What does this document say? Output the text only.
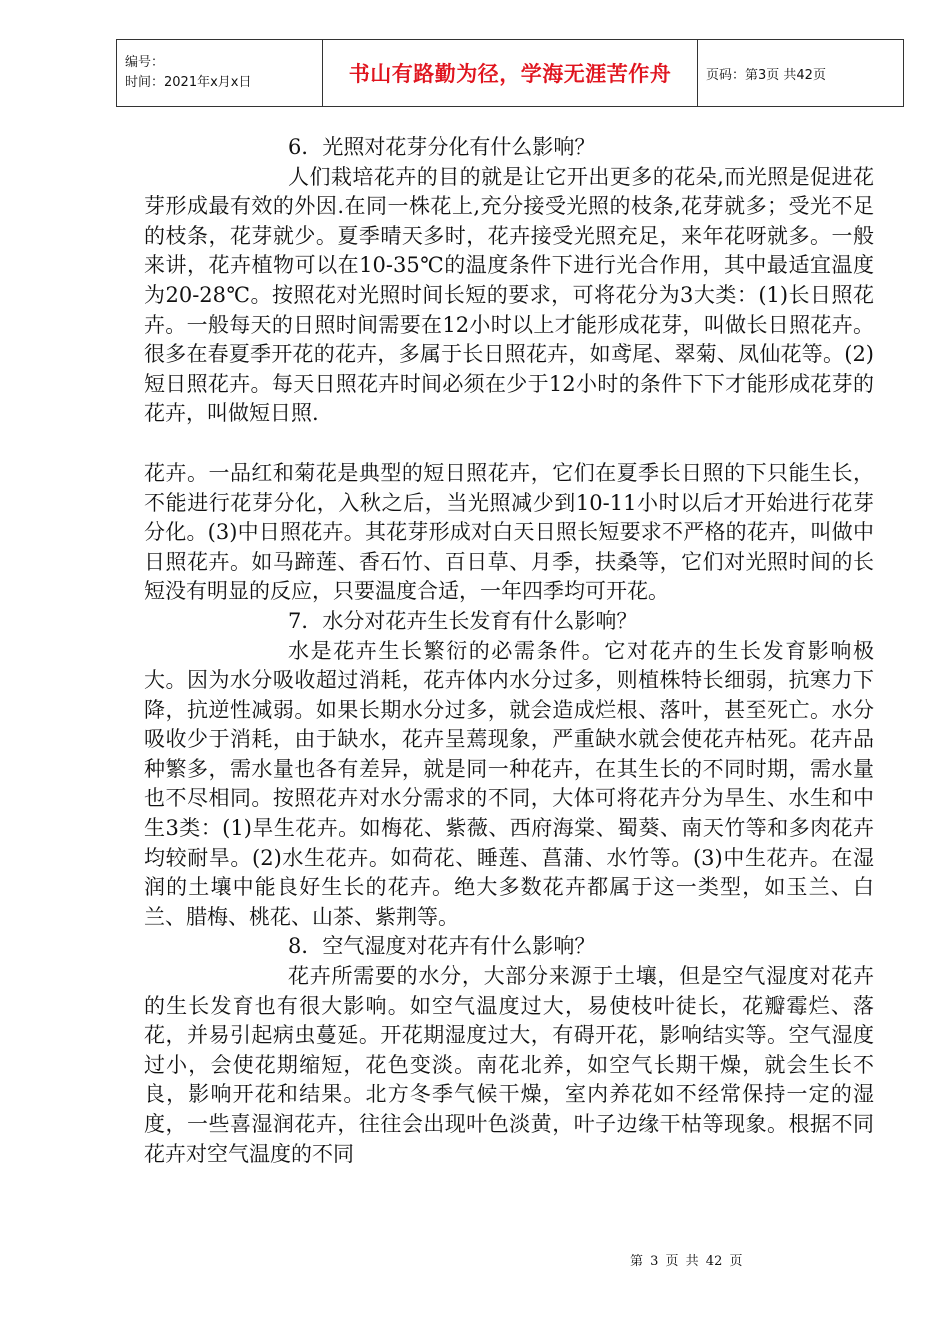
编号：
时间：2021年x月x日	书山有路勤为径，学海无涯苦作舟	页码：第3页 共42页

6．光照对花芽分化有什么影响？

人们栽培花卉的目的就是让它开出更多的花朵,而光照是促进花芽形成最有效的外因.在同一株花上,充分接受光照的枝条,花芽就多；受光不足的枝条，花芽就少。夏季晴天多时，花卉接受光照充足，来年花呀就多。一般来讲，花卉植物可以在10-35℃的温度条件下进行光合作用，其中最适宜温度为20-28℃。按照花对光照时间长短的要求，可将花分为3大类：(1)长日照花卉。一般每天的日照时间需要在12小时以上才能形成花芽，叫做长日照花卉。很多在春夏季开花的花卉，多属于长日照花卉，如鸢尾、翠菊、凤仙花等。(2)短日照花卉。每天日照花卉时间必须在少于12小时的条件下下才能形成花芽的花卉，叫做短日照.

花卉。一品红和菊花是典型的短日照花卉，它们在夏季长日照的下只能生长，不能进行花芽分化，入秋之后，当光照减少到10-11小时以后才开始进行花芽分化。(3)中日照花卉。其花芽形成对白天日照长短要求不严格的花卉，叫做中日照花卉。如马蹄莲、香石竹、百日草、月季，扶桑等，它们对光照时间的长短没有明显的反应，只要温度合适，一年四季均可开花。

7．水分对花卉生长发育有什么影响？

水是花卉生长繁衍的必需条件。它对花卉的生长发育影响极大。因为水分吸收超过消耗，花卉体内水分过多，则植株特长细弱，抗寒力下降，抗逆性减弱。如果长期水分过多，就会造成烂根、落叶，甚至死亡。水分吸收少于消耗，由于缺水，花卉呈蔫现象，严重缺水就会使花卉枯死。花卉品种繁多，需水量也各有差异，就是同一种花卉，在其生长的不同时期，需水量也不尽相同。按照花卉对水分需求的不同，大体可将花卉分为旱生、水生和中生3类：(1)旱生花卉。如梅花、紫薇、西府海棠、蜀葵、南天竹等和多肉花卉均较耐旱。(2)水生花卉。如荷花、睡莲、菖蒲、水竹等。(3)中生花卉。在湿润的土壤中能良好生长的花卉。绝大多数花卉都属于这一类型，如玉兰、白兰、腊梅、桃花、山茶、紫荆等。

8．空气湿度对花卉有什么影响？

花卉所需要的水分，大部分来源于土壤，但是空气湿度对花卉的生长发育也有很大影响。如空气温度过大，易使枝叶徒长，花瓣霉烂、落花，并易引起病虫蔓延。开花期湿度过大，有碍开花，影响结实等。空气湿度过小，会使花期缩短，花色变淡。南花北养，如空气长期干燥，就会生长不良，影响开花和结果。北方冬季气候干燥，室内养花如不经常保持一定的湿度，一些喜湿润花卉，往往会出现叶色淡黄，叶子边缘干枯等现象。根据不同花卉对空气温度的不同

第 3 页 共 42 页
